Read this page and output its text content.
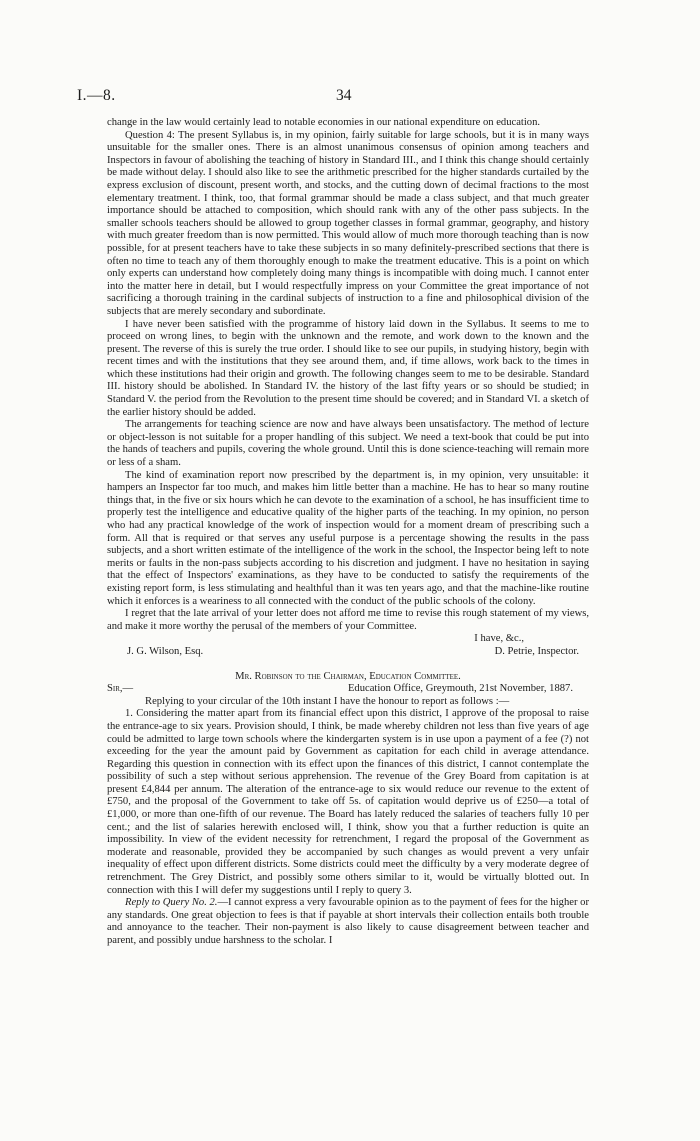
I.—8.	34

change in the law would certainly lead to notable economies in our national expenditure on education.

Question 4: The present Syllabus is, in my opinion, fairly suitable for large schools, but it is in many ways unsuitable for the smaller ones. There is an almost unanimous consensus of opinion among teachers and Inspectors in favour of abolishing the teaching of history in Standard III., and I think this change should certainly be made without delay. I should also like to see the arithmetic prescribed for the higher standards curtailed by the express exclusion of discount, present worth, and stocks, and the cutting down of decimal fractions to the most elementary treatment. I think, too, that formal grammar should be made a class subject, and that much greater importance should be attached to composition, which should rank with any of the other pass subjects. In the smaller schools teachers should be allowed to group together classes in formal grammar, geography, and history with much greater freedom than is now permitted. This would allow of much more thorough teaching than is now possible, for at present teachers have to take these subjects in so many definitely-prescribed sections that there is often no time to teach any of them thoroughly enough to make the treatment educative. This is a point on which only experts can understand how completely doing many things is incompatible with doing much. I cannot enter into the matter here in detail, but I would respectfully impress on your Committee the great importance of not sacrificing a thorough training in the cardinal subjects of instruction to a fine and philosophical division of the subjects that are merely secondary and subordinate.

I have never been satisfied with the programme of history laid down in the Syllabus. It seems to me to proceed on wrong lines, to begin with the unknown and the remote, and work down to the known and the present. The reverse of this is surely the true order. I should like to see our pupils, in studying history, begin with recent times and with the institutions that they see around them, and, if time allows, work back to the times in which these institutions had their origin and growth. The following changes seem to me to be desirable. Standard III. history should be abolished. In Standard IV. the history of the last fifty years or so should be studied; in Standard V. the period from the Revolution to the present time should be covered; and in Standard VI. a sketch of the earlier history should be added.

The arrangements for teaching science are now and have always been unsatisfactory. The method of lecture or object-lesson is not suitable for a proper handling of this subject. We need a text-book that could be put into the hands of teachers and pupils, covering the whole ground. Until this is done science-teaching will remain more or less of a sham.

The kind of examination report now prescribed by the department is, in my opinion, very unsuitable: it hampers an Inspector far too much, and makes him little better than a machine. He has to hear so many routine things that, in the five or six hours which he can devote to the examination of a school, he has insufficient time to properly test the intelligence and educative quality of the higher parts of the teaching. In my opinion, no person who had any practical knowledge of the work of inspection would for a moment dream of prescribing such a form. All that is required or that serves any useful purpose is a percentage showing the results in the pass subjects, and a short written estimate of the intelligence of the work in the school, the Inspector being left to note merits or faults in the non-pass subjects according to his discretion and judgment. I have no hesitation in saying that the effect of Inspectors' examinations, as they have to be conducted to satisfy the requirements of the existing report form, is less stimulating and healthful than it was ten years ago, and that the machine-like routine which it enforces is a weariness to all connected with the conduct of the public schools of the colony.

I regret that the late arrival of your letter does not afford me time to revise this rough statement of my views, and make it more worthy the perusal of the members of your Committee.

I have, &c.,
J. G. Wilson, Esq.	D. Petrie, Inspector.
Mr. Robinson to the Chairman, Education Committee.
Sir,—	Education Office, Greymouth, 21st November, 1887.

Replying to your circular of the 10th instant I have the honour to report as follows :—

1. Considering the matter apart from its financial effect upon this district, I approve of the proposal to raise the entrance-age to six years. Provision should, I think, be made whereby children not less than five years of age could be admitted to large town schools where the kindergarten system is in use upon a payment of a fee (?) not exceeding for the year the amount paid by Government as capitation for each child in average attendance. Regarding this question in connection with its effect upon the finances of this district, I cannot contemplate the possibility of such a step without serious apprehension. The revenue of the Grey Board from capitation is at present £4,844 per annum. The alteration of the entrance-age to six would reduce our revenue to the extent of £750, and the proposal of the Government to take off 5s. of capitation would deprive us of £250—a total of £1,000, or more than one-fifth of our revenue. The Board has lately reduced the salaries of teachers fully 10 per cent.; and the list of salaries herewith enclosed will, I think, show you that a further reduction is quite an impossibility. In view of the evident necessity for retrenchment, I regard the proposal of the Government as moderate and reasonable, provided they be accompanied by such changes as would prevent a very unfair inequality of effect upon different districts. Some districts could meet the difficulty by a very moderate degree of retrenchment. The Grey District, and possibly some others similar to it, would be virtually blotted out. In connection with this I will defer my suggestions until I reply to query 3.

Reply to Query No. 2.—I cannot express a very favourable opinion as to the payment of fees for the higher or any standards. One great objection to fees is that if payable at short intervals their collection entails both trouble and annoyance to the teacher. Their non-payment is also likely to cause disagreement between teacher and parent, and possibly undue harshness to the scholar. I
